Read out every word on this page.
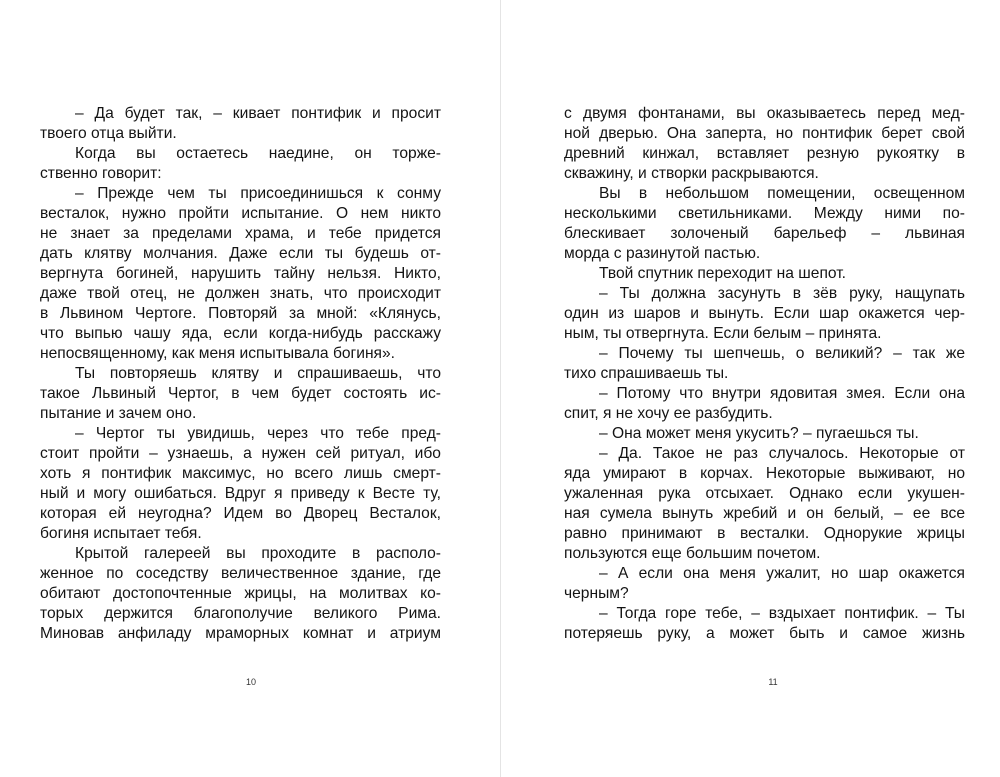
– Да будет так, – кивает понтифик и просит
твоего отца выйти.
Когда вы остаетесь наедине, он торже-
ственно говорит:
– Прежде чем ты присоединишься к сонму
весталок, нужно пройти испытание. О нем никто
не знает за пределами храма, и тебе придется
дать клятву молчания. Даже если ты будешь от-
вергнута богиней, нарушить тайну нельзя. Никто,
даже твой отец, не должен знать, что происходит
в Львином Чертоге. Повторяй за мной: «Клянусь,
что выпью чашу яда, если когда-нибудь расскажу
непосвященному, как меня испытывала богиня».
Ты повторяешь клятву и спрашиваешь, что
такое Львиный Чертог, в чем будет состоять ис-
пытание и зачем оно.
– Чертог ты увидишь, через что тебе пред-
стоит пройти – узнаешь, а нужен сей ритуал, ибо
хоть я понтифик максимус, но всего лишь смерт-
ный и могу ошибаться. Вдруг я приведу к Весте ту,
которая ей неугодна? Идем во Дворец Весталок,
богиня испытает тебя.
Крытой галереей вы проходите в располо-
женное по соседству величественное здание, где
обитают достопочтенные жрицы, на молитвах ко-
торых держится благополучие великого Рима.
Миновав анфиладу мраморных комнат и атриум
10
с двумя фонтанами, вы оказываетесь перед мед-
ной дверью. Она заперта, но понтифик берет свой
древний кинжал, вставляет резную рукоятку в
скважину, и створки раскрываются.
Вы в небольшом помещении, освещенном
несколькими светильниками. Между ними по-
блескивает золоченый барельеф – львиная
морда с разинутой пастью.
Твой спутник переходит на шепот.
– Ты должна засунуть в зёв руку, нащупать
один из шаров и вынуть. Если шар окажется чер-
ным, ты отвергнута. Если белым – принята.
– Почему ты шепчешь, о великий? – так же
тихо спрашиваешь ты.
– Потому что внутри ядовитая змея. Если она
спит, я не хочу ее разбудить.
– Она может меня укусить? – пугаешься ты.
– Да. Такое не раз случалось. Некоторые от
яда умирают в корчах. Некоторые выживают, но
ужаленная рука отсыхает. Однако если укушен-
ная сумела вынуть жребий и он белый, – ее все
равно принимают в весталки. Однорукие жрицы
пользуются еще большим почетом.
– А если она меня ужалит, но шар окажется
черным?
– Тогда горе тебе, – вздыхает понтифик. – Ты
потеряешь руку, а может быть и самое жизнь
11
